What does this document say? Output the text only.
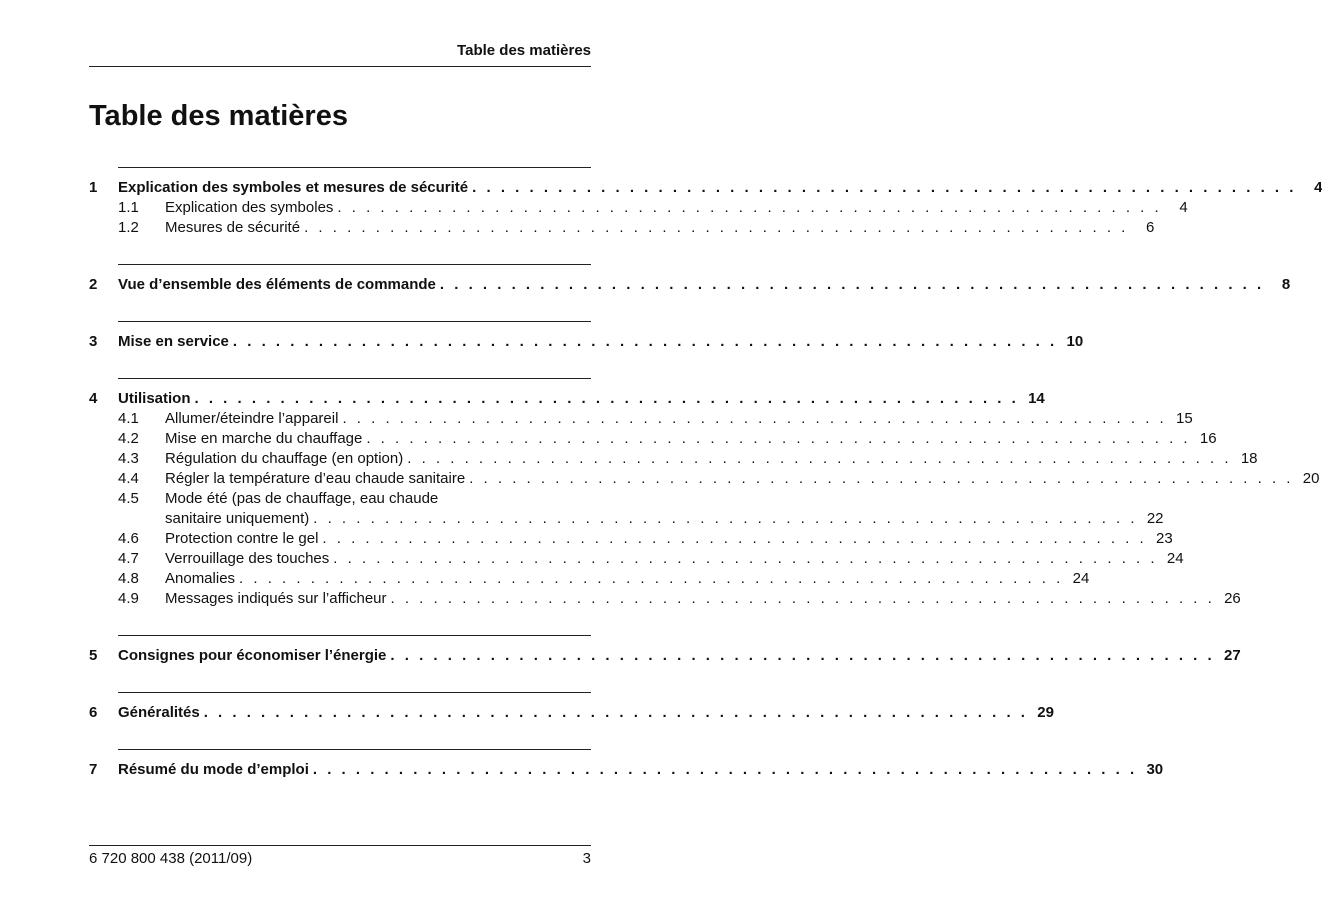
Table des matières
Table des matières
1	Explication des symboles et mesures de sécurité . . . . . . . . . . . . . . . . . . . . . . . . . . . . . . . . . . . . . . . . . . . . . . . . . . . . . . . . . .	4
1.1	Explication des symboles . . . . . . . . . . . . . . . . . . . . . . . . . . . . . . . . . . . . . . . . . . . . . . . . . . . . . . . . . .	4
1.2	Mesures de sécurité . . . . . . . . . . . . . . . . . . . . . . . . . . . . . . . . . . . . . . . . . . . . . . . . . . . . . . . . . .	6
2	Vue d’ensemble des éléments de commande . . . . . . . . . . . . . . . . . . . . . . . . . . . . . . . . . . . . . . . . . . . . . . . . . . . . . . . . . .	8
3	Mise en service . . . . . . . . . . . . . . . . . . . . . . . . . . . . . . . . . . . . . . . . . . . . . . . . . . . . . . . . . . 10
4	Utilisation . . . . . . . . . . . . . . . . . . . . . . . . . . . . . . . . . . . . . . . . . . . . . . . . . . . . . . . . . . 14
4.1	Allumer/éteindre l’appareil . . . . . . . . . . . . . . . . . . . . . . . . . . . . . . . . . . . . . . . . . . . . . . . . . . . . . . . . . . 15
4.2	Mise en marche du chauffage . . . . . . . . . . . . . . . . . . . . . . . . . . . . . . . . . . . . . . . . . . . . . . . . . . . . . . . . . . 16
4.3	Régulation du chauffage (en option) . . . . . . . . . . . . . . . . . . . . . . . . . . . . . . . . . . . . . . . . . . . . . . . . . . . . . . . . . . 18
4.4	Régler la température d’eau chaude sanitaire . . . . . . . . . . . . . . . . . . . . . . . . . . . . . . . . . . . . . . . . . . . . . . . . . . . . . . . . . . 20
4.5	Mode été (pas de chauffage, eau chaude
sanitaire uniquement) . . . . . . . . . . . . . . . . . . . . . . . . . . . . . . . . . . . . . . . . . . . . . . . . . . . . . . . . . . 22
4.6	Protection contre le gel . . . . . . . . . . . . . . . . . . . . . . . . . . . . . . . . . . . . . . . . . . . . . . . . . . . . . . . . . . 23
4.7	Verrouillage des touches . . . . . . . . . . . . . . . . . . . . . . . . . . . . . . . . . . . . . . . . . . . . . . . . . . . . . . . . . . 24
4.8	Anomalies . . . . . . . . . . . . . . . . . . . . . . . . . . . . . . . . . . . . . . . . . . . . . . . . . . . . . . . . . . 24
4.9	Messages indiqués sur l’afficheur . . . . . . . . . . . . . . . . . . . . . . . . . . . . . . . . . . . . . . . . . . . . . . . . . . . . . . . . . . 26
5	Consignes pour économiser l’énergie . . . . . . . . . . . . . . . . . . . . . . . . . . . . . . . . . . . . . . . . . . . . . . . . . . . . . . . . . . 27
6	Généralités . . . . . . . . . . . . . . . . . . . . . . . . . . . . . . . . . . . . . . . . . . . . . . . . . . . . . . . . . . 29
7	Résumé du mode d’emploi . . . . . . . . . . . . . . . . . . . . . . . . . . . . . . . . . . . . . . . . . . . . . . . . . . . . . . . . . . 30
6 720 800 438 (2011/09)	3
